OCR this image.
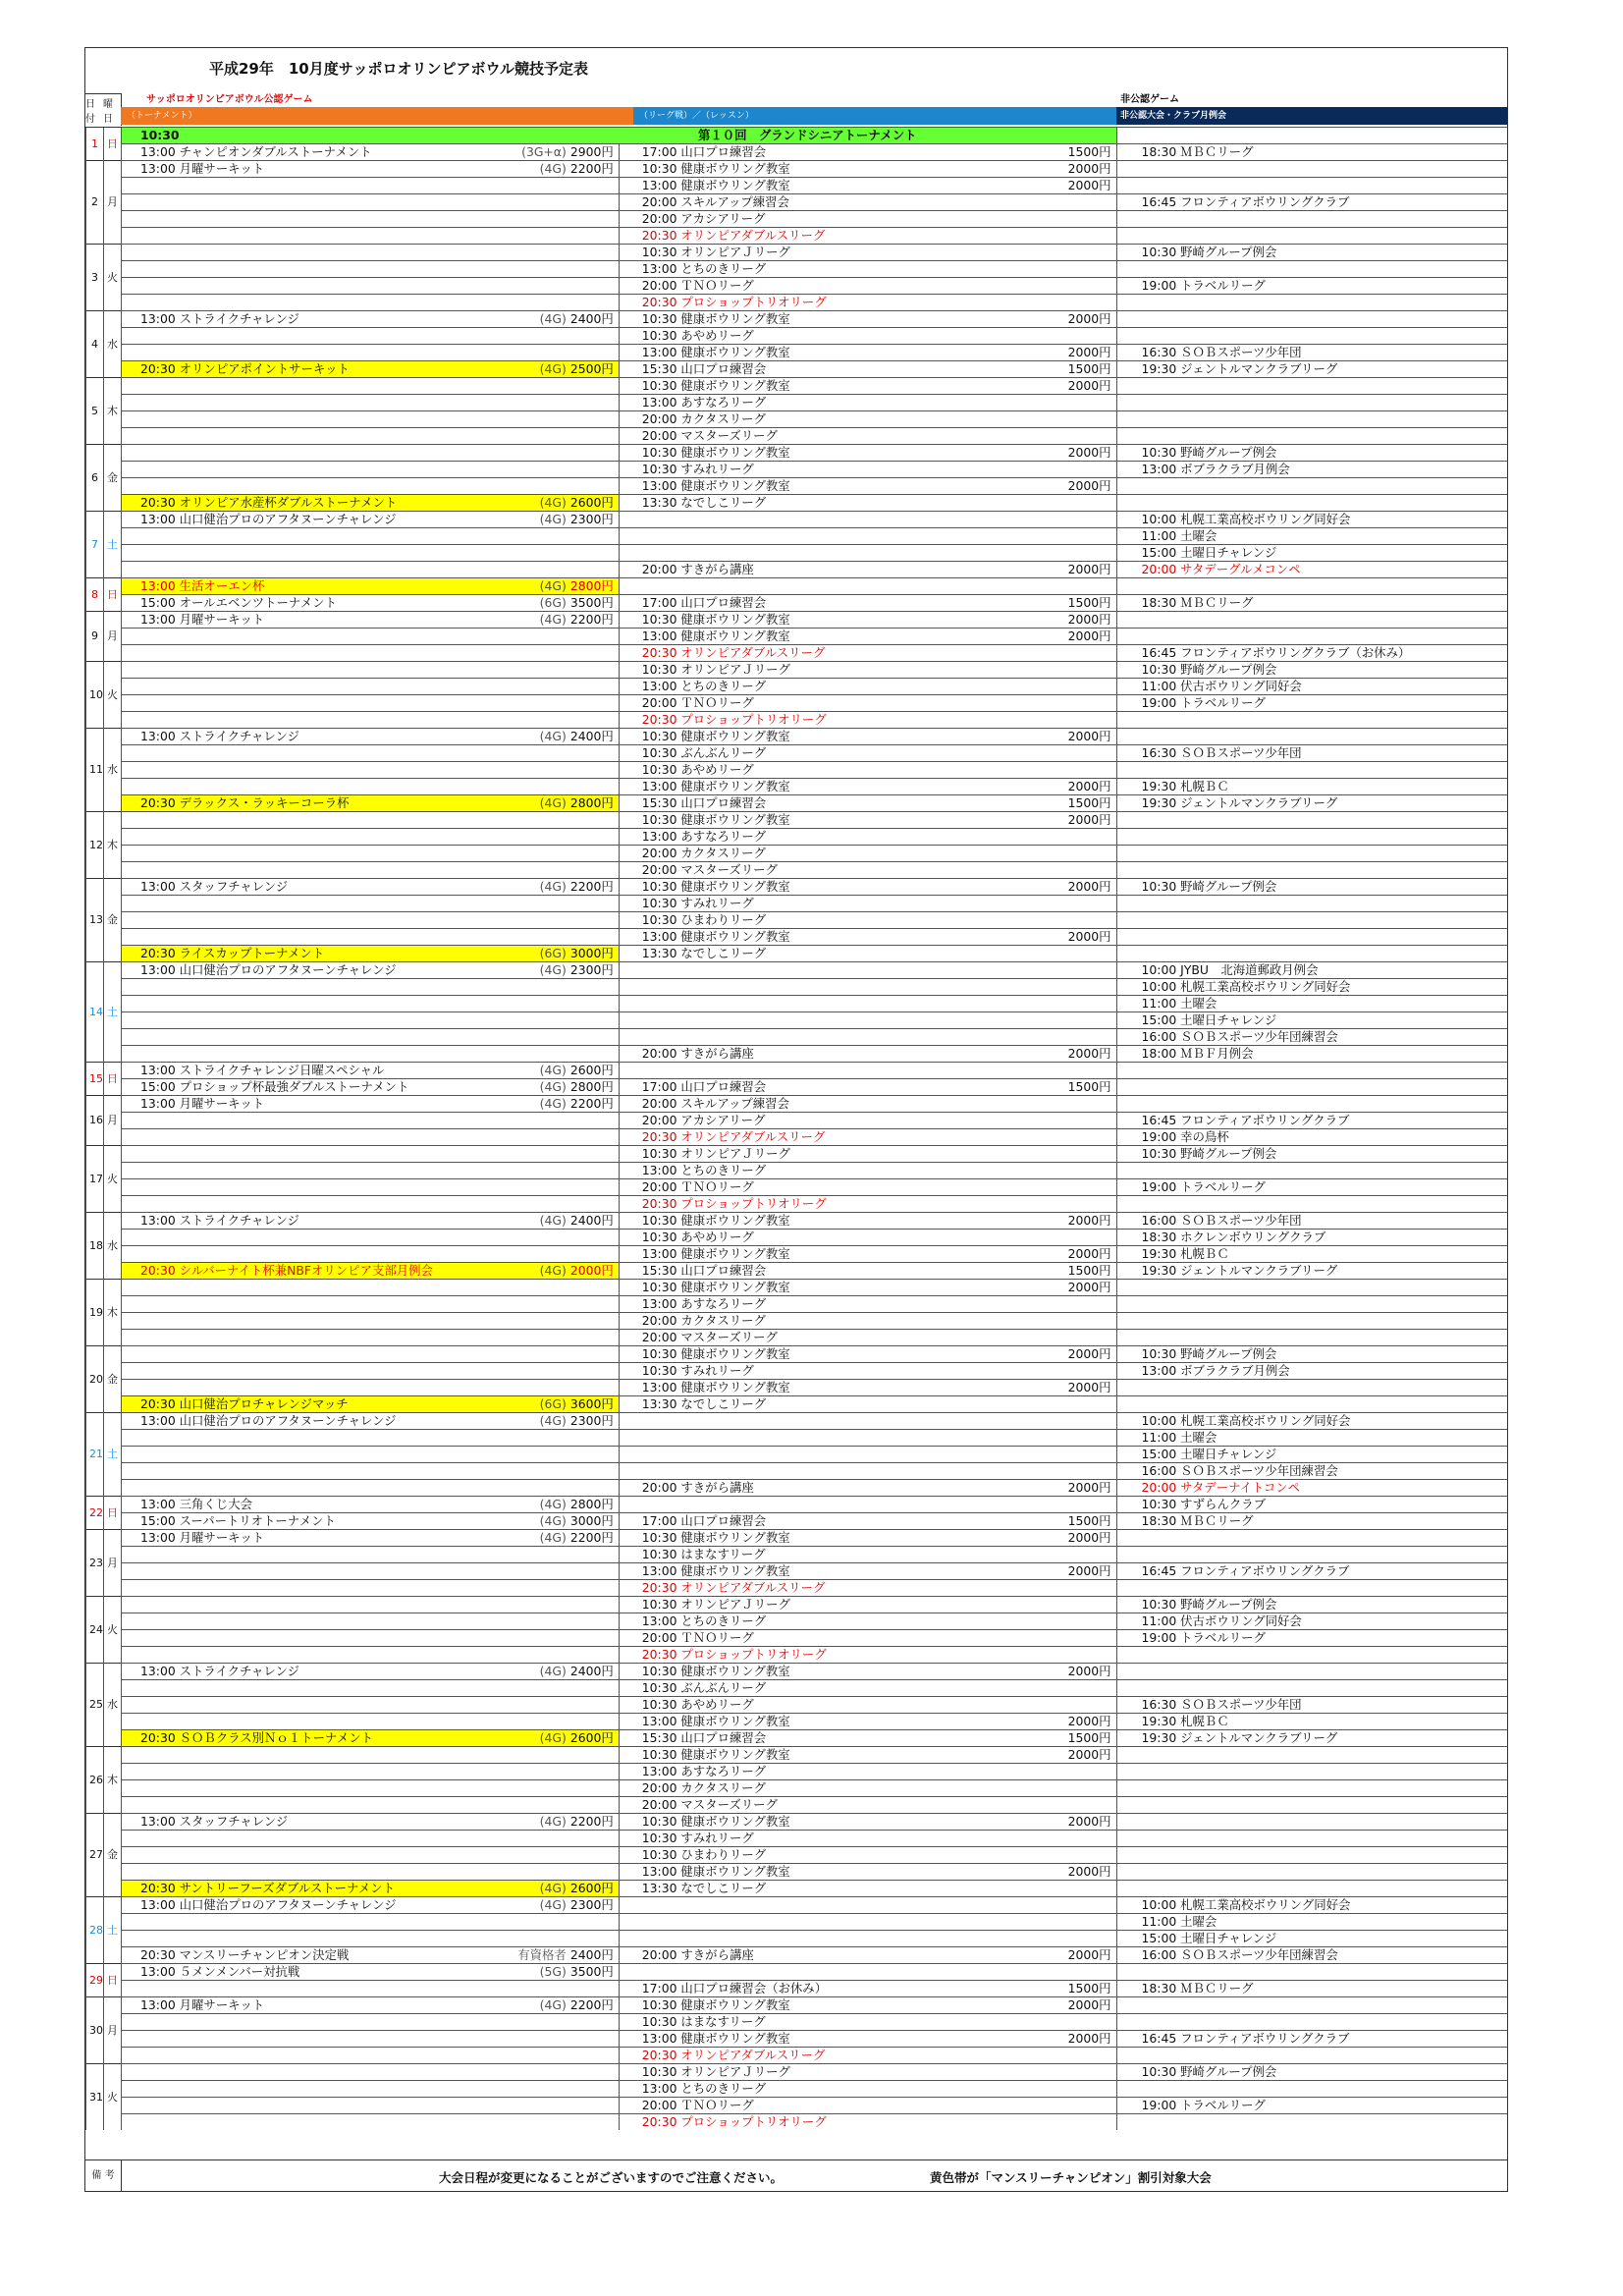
平成29年　10月度サッポロオリンピアボウル競技予定表
日付
曜日
サッポロオリンピアボウル公認ゲーム
（トーナメント）	（リーグ戦）／（レッスン）
非公認ゲーム
非公認大会・クラブ月例会
1	日	10:30 第１０回　グランドシニアトーナメント		

		13:00 チャンピオンダブルストーナメント (3G+α) 2900円	17:00 山口プロ練習会 1500円	18:30 ＭＢＣリーグ
2	月	13:00 月曜サーキット (4G) 2200円	10:30 健康ボウリング教室 2000円	

			13:00 健康ボウリング教室 2000円	

			20:00 スキルアップ練習会	16:45 フロンティアボウリングクラブ

			20:00 アカシアリーグ	

			20:30 オリンピアダブルスリーグ	

3	火		10:30 オリンピアＪリーグ	10:30 野崎グループ例会

			13:00 とちのきリーグ	

			20:00 ＴＮＯリーグ	19:00 トラベルリーグ

			20:30 プロショップトリオリーグ	

4	水	13:00 ストライクチャレンジ (4G) 2400円	10:30 健康ボウリング教室 2000円	

			10:30 あやめリーグ	

			13:00 健康ボウリング教室 2000円	16:30 ＳＯＢスポーツ少年団

		20:30 オリンピアポイントサーキット (4G) 2500円	15:30 山口プロ練習会 1500円	19:30 ジェントルマンクラブリーグ
5	木		10:30 健康ボウリング教室 2000円	

			13:00 あすなろリーグ	

			20:00 カクタスリーグ	

			20:00 マスターズリーグ	

6	金		10:30 健康ボウリング教室 2000円	10:30 野崎グループ例会

			10:30 すみれリーグ	13:00 ボブラクラブ月例会

			13:00 健康ボウリング教室 2000円	

		20:30 オリンピア水産杯ダブルストーナメント (4G) 2600円	13:30 なでしこリーグ	

7	土	13:00 山口健治プロのアフタヌーンチャレンジ (4G) 2300円		10:00 札幌工業高校ボウリング同好会
				11:00 土曜会
				15:00 土曜日チャレンジ

			20:00 すきがら講座 2000円	20:00 サタデーグルメコンペ
8	日	13:00 生活オーエン杯 (4G) 2800円		

		15:00 オールエベンツトーナメント (6G) 3500円	17:00 山口プロ練習会 1500円	18:30 ＭＢＣリーグ
9	月	13:00 月曜サーキット (4G) 2200円	10:30 健康ボウリング教室 2000円	

			13:00 健康ボウリング教室 2000円	

			20:30 オリンピアダブルスリーグ	16:45 フロンティアボウリングクラブ（お休み）
10	火		10:30 オリンピアＪリーグ	10:30 野崎グループ例会

			13:00 とちのきリーグ	11:00 伏古ボウリング同好会

			20:00 ＴＮＯリーグ	19:00 トラベルリーグ

			20:30 プロショップトリオリーグ	

11	水	13:00 ストライクチャレンジ (4G) 2400円	10:30 健康ボウリング教室 2000円	

			10:30 ぶんぶんリーグ	16:30 ＳＯＢスポーツ少年団

			10:30 あやめリーグ	

			13:00 健康ボウリング教室 2000円	19:30 札幌ＢＣ

		20:30 デラックス・ラッキーコーラ杯 (4G) 2800円	15:30 山口プロ練習会 1500円	19:30 ジェントルマンクラブリーグ
12	木		10:30 健康ボウリング教室 2000円	

			13:00 あすなろリーグ	

			20:00 カクタスリーグ	

			20:00 マスターズリーグ	

13	金	13:00 スタッフチャレンジ (4G) 2200円	10:30 健康ボウリング教室 2000円	10:30 野崎グループ例会

			10:30 すみれリーグ	

			10:30 ひまわりリーグ	

			13:00 健康ボウリング教室 2000円	

		20:30 ライスカップトーナメント (6G) 3000円	13:30 なでしこリーグ	

14	土	13:00 山口健治プロのアフタヌーンチャレンジ (4G) 2300円		10:00 JYBU　北海道郵政月例会
				10:00 札幌工業高校ボウリング同好会
				11:00 土曜会
				15:00 土曜日チャレンジ
				16:00 ＳＯＢスポーツ少年団練習会

			20:00 すきがら講座 2000円	18:00 ＭＢＦ月例会
15	日	13:00 ストライクチャレンジ日曜スペシャル (4G) 2600円		

		15:00 プロショップ杯最強ダブルストーナメント (4G) 2800円	17:00 山口プロ練習会 1500円	

16	月	13:00 月曜サーキット (4G) 2200円	20:00 スキルアップ練習会	

			20:00 アカシアリーグ	16:45 フロンティアボウリングクラブ

			20:30 オリンピアダブルスリーグ	19:00 幸の鳥杯
17	火		10:30 オリンピアＪリーグ	10:30 野崎グループ例会

			13:00 とちのきリーグ	

			20:00 ＴＮＯリーグ	19:00 トラベルリーグ

			20:30 プロショップトリオリーグ	

18	水	13:00 ストライクチャレンジ (4G) 2400円	10:30 健康ボウリング教室 2000円	16:00 ＳＯＢスポーツ少年団

			10:30 あやめリーグ	18:30 ホクレンボウリングクラブ

			13:00 健康ボウリング教室 2000円	19:30 札幌ＢＣ

		20:30 シルバーナイト杯兼NBFオリンピア支部月例会 (4G) 2000円	15:30 山口プロ練習会 1500円	19:30 ジェントルマンクラブリーグ
19	木		10:30 健康ボウリング教室 2000円	

			13:00 あすなろリーグ	

			20:00 カクタスリーグ	

			20:00 マスターズリーグ	

20	金		10:30 健康ボウリング教室 2000円	10:30 野崎グループ例会

			10:30 すみれリーグ	13:00 ボブラクラブ月例会

			13:00 健康ボウリング教室 2000円	

		20:30 山口健治プロチャレンジマッチ (6G) 3600円	13:30 なでしこリーグ	

21	土	13:00 山口健治プロのアフタヌーンチャレンジ (4G) 2300円		10:00 札幌工業高校ボウリング同好会
				11:00 土曜会
				15:00 土曜日チャレンジ
				16:00 ＳＯＢスポーツ少年団練習会

			20:00 すきがら講座 2000円	20:00 サタデーナイトコンペ
22	日	13:00 三角くじ大会 (4G) 2800円		10:30 すずらんクラブ

		15:00 スーパートリオトーナメント (4G) 3000円	17:00 山口プロ練習会 1500円	18:30 ＭＢＣリーグ
23	月	13:00 月曜サーキット (4G) 2200円	10:30 健康ボウリング教室 2000円	

			10:30 はまなすリーグ	

			13:00 健康ボウリング教室 2000円	16:45 フロンティアボウリングクラブ

			20:30 オリンピアダブルスリーグ	

24	火		10:30 オリンピアＪリーグ	10:30 野崎グループ例会

			13:00 とちのきリーグ	11:00 伏古ボウリング同好会

			20:00 ＴＮＯリーグ	19:00 トラベルリーグ

			20:30 プロショップトリオリーグ	

25	水	13:00 ストライクチャレンジ (4G) 2400円	10:30 健康ボウリング教室 2000円	

			10:30 ぶんぶんリーグ	

			10:30 あやめリーグ	16:30 ＳＯＢスポーツ少年団

			13:00 健康ボウリング教室 2000円	19:30 札幌ＢＣ

		20:30 ＳＯＢクラス別Ｎｏ１トーナメント (4G) 2600円	15:30 山口プロ練習会 1500円	19:30 ジェントルマンクラブリーグ
26	木		10:30 健康ボウリング教室 2000円	

			13:00 あすなろリーグ	

			20:00 カクタスリーグ	

			20:00 マスターズリーグ	

27	金	13:00 スタッフチャレンジ (4G) 2200円	10:30 健康ボウリング教室 2000円	

			10:30 すみれリーグ	

			10:30 ひまわりリーグ	

			13:00 健康ボウリング教室 2000円	

		20:30 サントリーフーズダブルストーナメント (4G) 2600円	13:30 なでしこリーグ	

28	土	13:00 山口健治プロのアフタヌーンチャレンジ (4G) 2300円		10:00 札幌工業高校ボウリング同好会
				11:00 土曜会
				15:00 土曜日チャレンジ

		20:30 マンスリーチャンピオン決定戦 有資格者 2400円	20:00 すきがら講座 2000円	16:00 ＳＯＢスポーツ少年団練習会
29	日	13:00 ５メンメンバー対抗戦 (5G) 3500円		

			17:00 山口プロ練習会（お休み） 1500円	18:30 ＭＢＣリーグ
30	月	13:00 月曜サーキット (4G) 2200円	10:30 健康ボウリング教室 2000円	

			10:30 はまなすリーグ	

			13:00 健康ボウリング教室 2000円	16:45 フロンティアボウリングクラブ

			20:30 オリンピアダブルスリーグ	

31	火		10:30 オリンピアＪリーグ	10:30 野崎グループ例会

			13:00 とちのきリーグ	

			20:00 ＴＮＯリーグ	19:00 トラベルリーグ

			20:30 プロショップトリオリーグ	

備 考	大会日程が変更になることがございますのでご注意ください。	黄色帯が「マンスリーチャンピオン」割引対象大会
